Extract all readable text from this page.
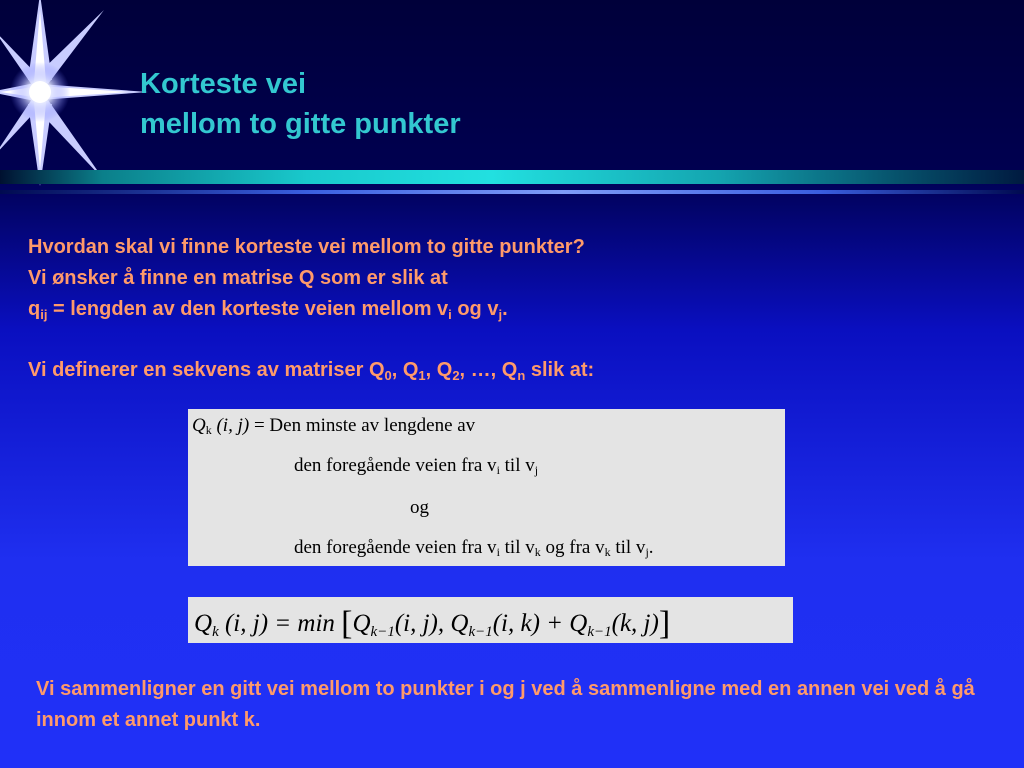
Korteste vei
mellom to gitte punkter

Hvordan skal vi finne korteste vei mellom to gitte punkter?

Vi ønsker å finne en matrise Q som er slik at

$q_{ij}$ = lengden av den korteste veien mellom $v_i$ og $v_j$.

Vi definerer en sekvens av matriser $Q_0$, $Q_1$, $Q_2$, …, $Q_n$ slik at:

Qk (i, j) = Den minste av lengdene av
den foregående veien fra vi til vj
og
den foregående veien fra vi til vk og fra vk til vj.
$Q_k$ (i, $j) = \min [Q_{k-1}(i$, j), $Q_{k-1}(i$, $k) + Q_{k-1}(k$, j)]

Vi sammenligner en gitt vei mellom to punkter i og j ved å sammenligne med en annen vei ved å gå innom et annet punkt k.
